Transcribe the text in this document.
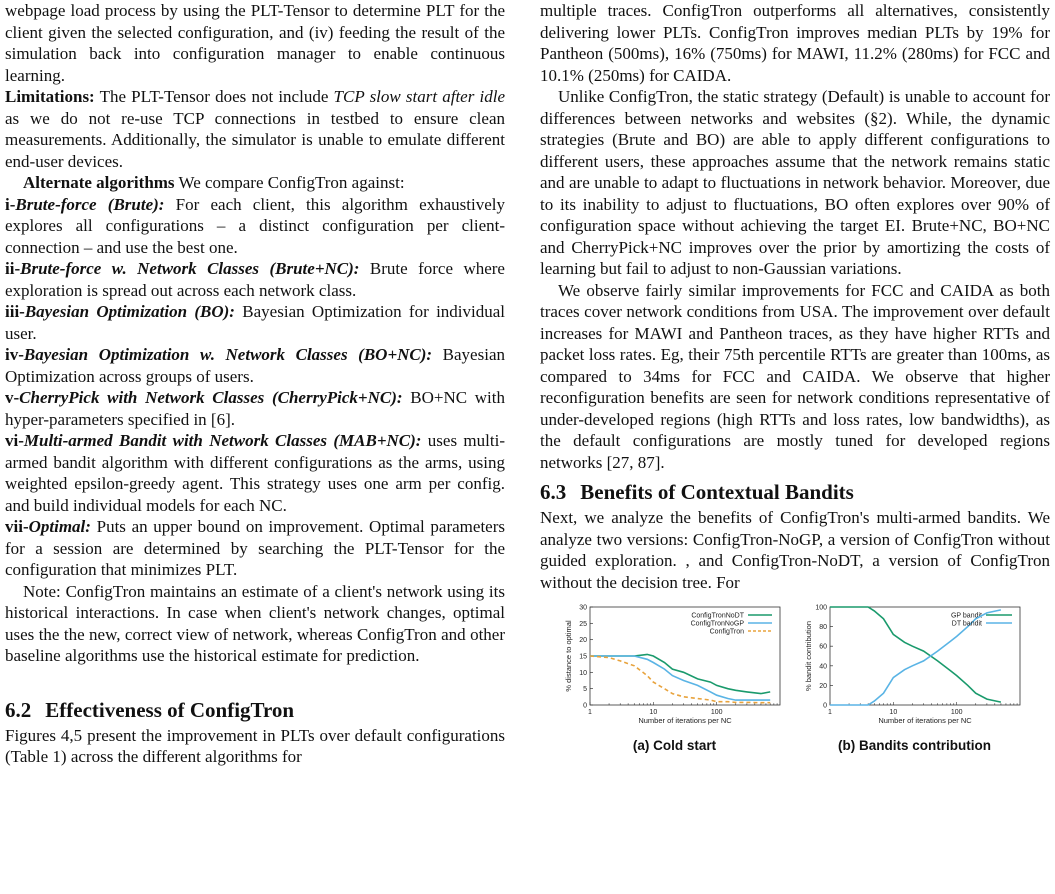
webpage load process by using the PLT-Tensor to determine PLT for the client given the selected configuration, and (iv) feeding the result of the simulation back into configuration manager to enable continuous learning.

Limitations: The PLT-Tensor does not include TCP slow start after idle as we do not re-use TCP connections in testbed to ensure clean measurements. Additionally, the simulator is unable to emulate different end-user devices.

Alternate algorithms We compare ConfigTron against:

i-Brute-force (Brute): For each client, this algorithm exhaustively explores all configurations – a distinct configuration per client-connection – and use the best one.

ii-Brute-force w. Network Classes (Brute+NC): Brute force where exploration is spread out across each network class.

iii-Bayesian Optimization (BO): Bayesian Optimization for individual user.

iv-Bayesian Optimization w. Network Classes (BO+NC): Bayesian Optimization across groups of users.

v-CherryPick with Network Classes (CherryPick+NC): BO+NC with hyper-parameters specified in [6].

vi-Multi-armed Bandit with Network Classes (MAB+NC): uses multi-armed bandit algorithm with different configurations as the arms, using weighted epsilon-greedy agent. This strategy uses one arm per config. and build individual models for each NC.

vii-Optimal: Puts an upper bound on improvement. Optimal parameters for a session are determined by searching the PLT-Tensor for the configuration that minimizes PLT.

Note: ConfigTron maintains an estimate of a client's network using its historical interactions. In case when client's network changes, optimal uses the the new, correct view of network, whereas ConfigTron and other baseline algorithms use the historical estimate for prediction.

6.2 Effectiveness of ConfigTron

Figures 4,5 present the improvement in PLTs over default configurations (Table 1) across the different algorithms for

multiple traces. ConfigTron outperforms all alternatives, consistently delivering lower PLTs. ConfigTron improves median PLTs by 19% for Pantheon (500ms), 16% (750ms) for MAWI, 11.2% (280ms) for FCC and 10.1% (250ms) for CAIDA.

Unlike ConfigTron, the static strategy (Default) is unable to account for differences between networks and websites (§2). While, the dynamic strategies (Brute and BO) are able to apply different configurations to different users, these approaches assume that the network remains static and are unable to adapt to fluctuations in network behavior. Moreover, due to its inability to adjust to fluctuations, BO often explores over 90% of configuration space without achieving the target EI. Brute+NC, BO+NC and CherryPick+NC improves over the prior by amortizing the costs of learning but fail to adjust to non-Gaussian variations.

We observe fairly similar improvements for FCC and CAIDA as both traces cover network conditions from USA. The improvement over default increases for MAWI and Pantheon traces, as they have higher RTTs and packet loss rates. Eg, their 75th percentile RTTs are greater than 100ms, as compared to 34ms for FCC and CAIDA. We observe that higher reconfiguration benefits are seen for network conditions representative of under-developed regions (high RTTs and loss rates, low bandwidths), as the default configurations are mostly tuned for developed regions networks [27, 87].

6.3 Benefits of Contextual Bandits

Next, we analyze the benefits of ConfigTron's multi-armed bandits. We analyze two versions: ConfigTron-NoGP, a version of ConfigTron without guided exploration. , and ConfigTron-NoDT, a version of ConfigTron without the decision tree. For

0
5
10
15
20
25
30
1	10	100
Number of iterations per NC
% distance to optimal
ConfigTronNoDT
ConfigTronNoGP
ConfigTron
(a) Cold start
0
20
40
60
80
100
1	10	100
Number of iterations per NC
% bandit contribution
GP bandit
DT bandit
(b) Bandits contribution
